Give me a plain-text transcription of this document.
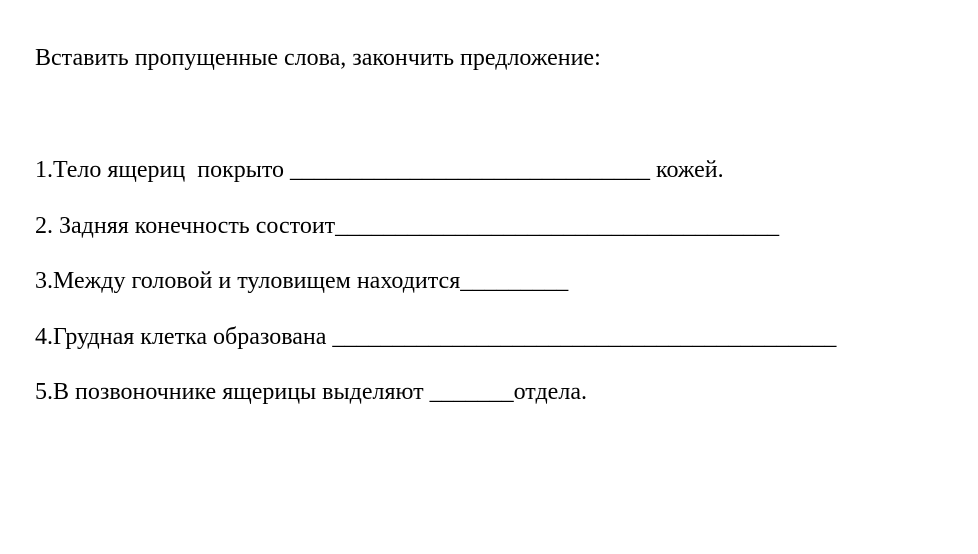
Вставить пропущенные слова, закончить предложение:
1.Тело ящериц  покрыто ______________________________ кожей.
2. Задняя конечность состоит_____________________________________
3.Между головой и туловищем находится_________
4.Грудная клетка образована __________________________________________
5.В позвоночнике ящерицы выделяют _______отдела.
